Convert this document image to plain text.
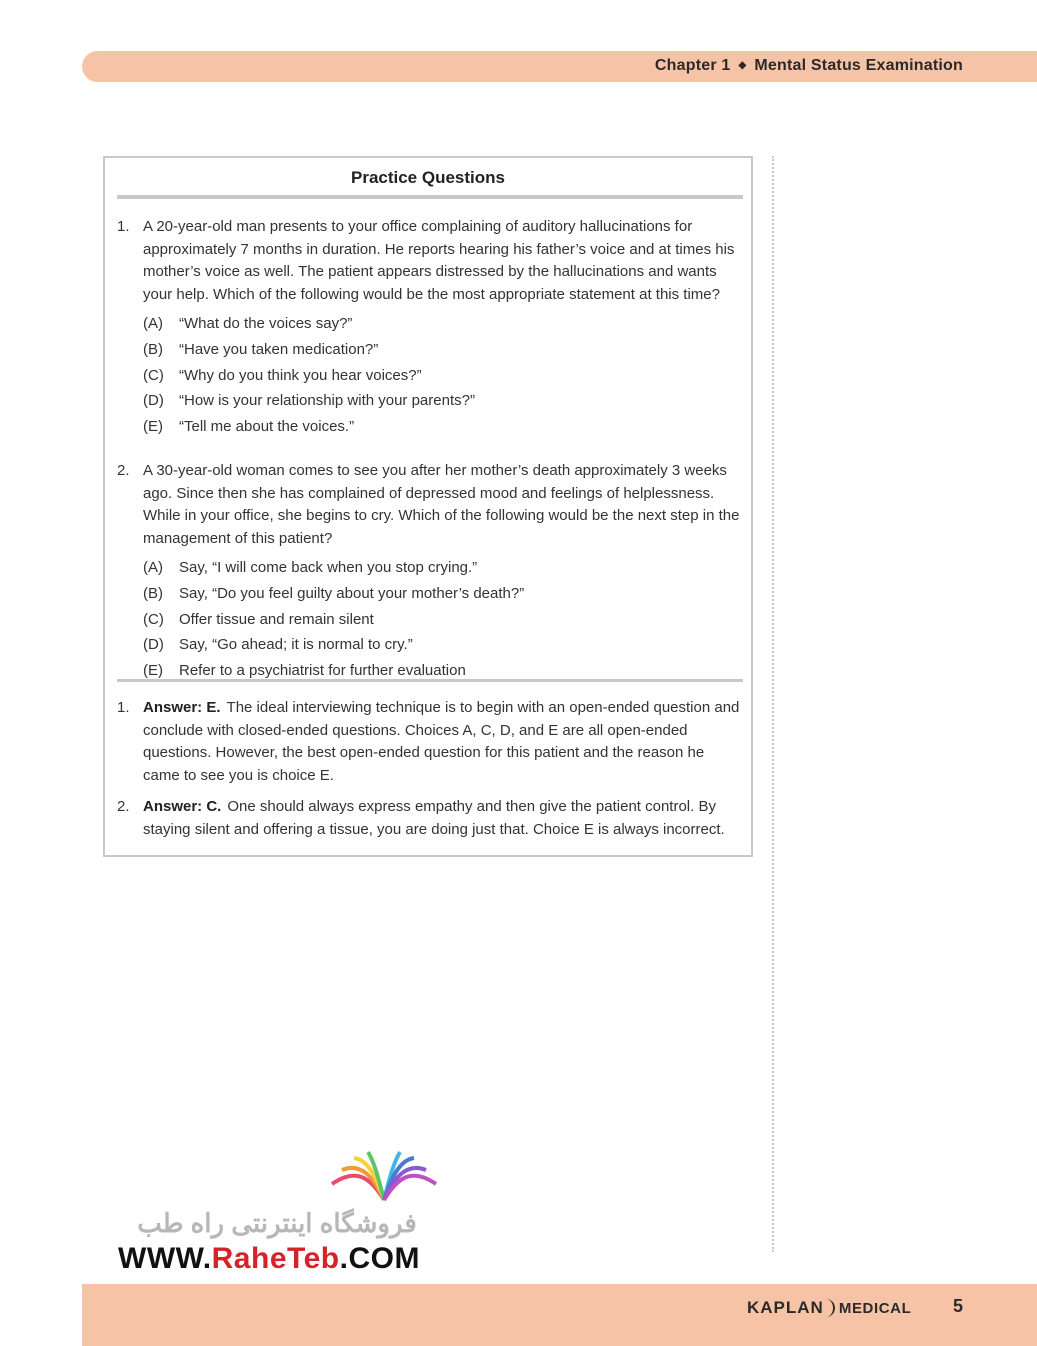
Chapter 1 ◆ Mental Status Examination
Practice Questions
1. A 20-year-old man presents to your office complaining of auditory hallucinations for approximately 7 months in duration. He reports hearing his father’s voice and at times his mother’s voice as well. The patient appears distressed by the hallucinations and wants your help. Which of the following would be the most appropriate statement at this time?
(A) “What do the voices say?”
(B) “Have you taken medication?”
(C) “Why do you think you hear voices?”
(D) “How is your relationship with your parents?”
(E) “Tell me about the voices.”
2. A 30-year-old woman comes to see you after her mother’s death approximately 3 weeks ago. Since then she has complained of depressed mood and feelings of helplessness. While in your office, she begins to cry. Which of the following would be the next step in the management of this patient?
(A) Say, “I will come back when you stop crying.”
(B) Say, “Do you feel guilty about your mother’s death?”
(C) Offer tissue and remain silent
(D) Say, “Go ahead; it is normal to cry.”
(E) Refer to a psychiatrist for further evaluation
1. Answer: E. The ideal interviewing technique is to begin with an open-ended question and conclude with closed-ended questions. Choices A, C, D, and E are all open-ended questions. However, the best open-ended question for this patient and the reason he came to see you is choice E.
2. Answer: C. One should always express empathy and then give the patient control. By staying silent and offering a tissue, you are doing just that. Choice E is always incorrect.
فروشگاه اینترنتی راه طب
WWW.RaheTeb.COM
KAPLAN MEDICAL 5
